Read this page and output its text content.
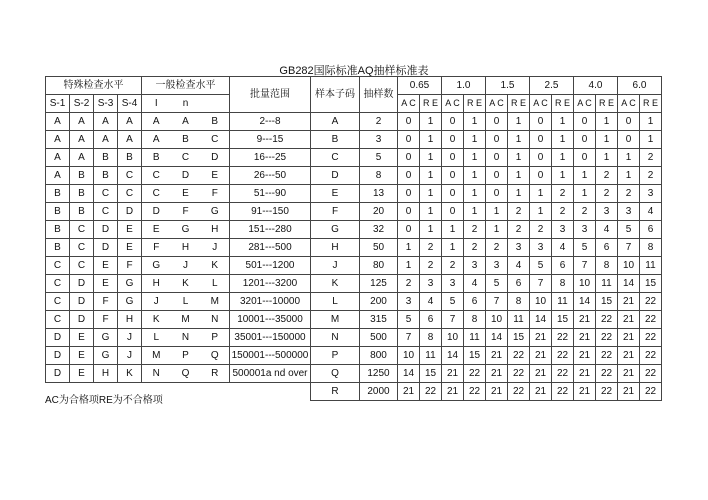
GB282国际标准AQ抽样标准表
特殊检查水平				一般检查水平			批量范围	样本子码	抽样数	0.65		1.0		1.5		2.5		4.0		6.0	
S-1	S-2	S-3	S-4	I	n					A C	R E	A C	R E	A C	R E	A C	R E	A C	R E	A C	R E

A	A	A	A	A	A	B	2---8	A	2	0	1	0	1	0	1	0	1	0	1	0	1
A	A	A	A	A	B	C	9---15	B	3	0	1	0	1	0	1	0	1	0	1	0	1
A	A	B	B	B	C	D	16---25	C	5	0	1	0	1	0	1	0	1	0	1	1	2
A	B	B	C	C	D	E	26---50	D	8	0	1	0	1	0	1	0	1	1	2	1	2
B	B	C	C	C	E	F	51---90	E	13	0	1	0	1	0	1	1	2	1	2	2	3
B	B	C	D	D	F	G	91---150	F	20	0	1	0	1	1	2	1	2	2	3	3	4
B	C	D	E	E	G	H	151---280	G	32	0	1	1	2	1	2	2	3	3	4	5	6
B	C	D	E	F	H	J	281---500	H	50	1	2	1	2	2	3	3	4	5	6	7	8
C	C	E	F	G	J	K	501---1200	J	80	1	2	2	3	3	4	5	6	7	8	10	11
C	D	E	G	H	K	L	1201---3200	K	125	2	3	3	4	5	6	7	8	10	11	14	15
C	D	F	G	J	L	M	3201---10000	L	200	3	4	5	6	7	8	10	11	14	15	21	22
C	D	F	H	K	M	N	10001---35000	M	315	5	6	7	8	10	11	14	15	21	22	21	22
D	E	G	J	L	N	P	35001---150000	N	500	7	8	10	11	14	15	21	22	21	22	21	22
D	E	G	J	M	P	Q	150001---500000	P	800	10	11	14	15	21	22	21	22	21	22	21	22
D	E	H	K	N	Q	R	500001a nd over	Q	1250	14	15	21	22	21	22	21	22	21	22	21	22
								R	2000	21	22	21	22	21	22	21	22	21	22	21	22
AC为合格项RE为不合格项
